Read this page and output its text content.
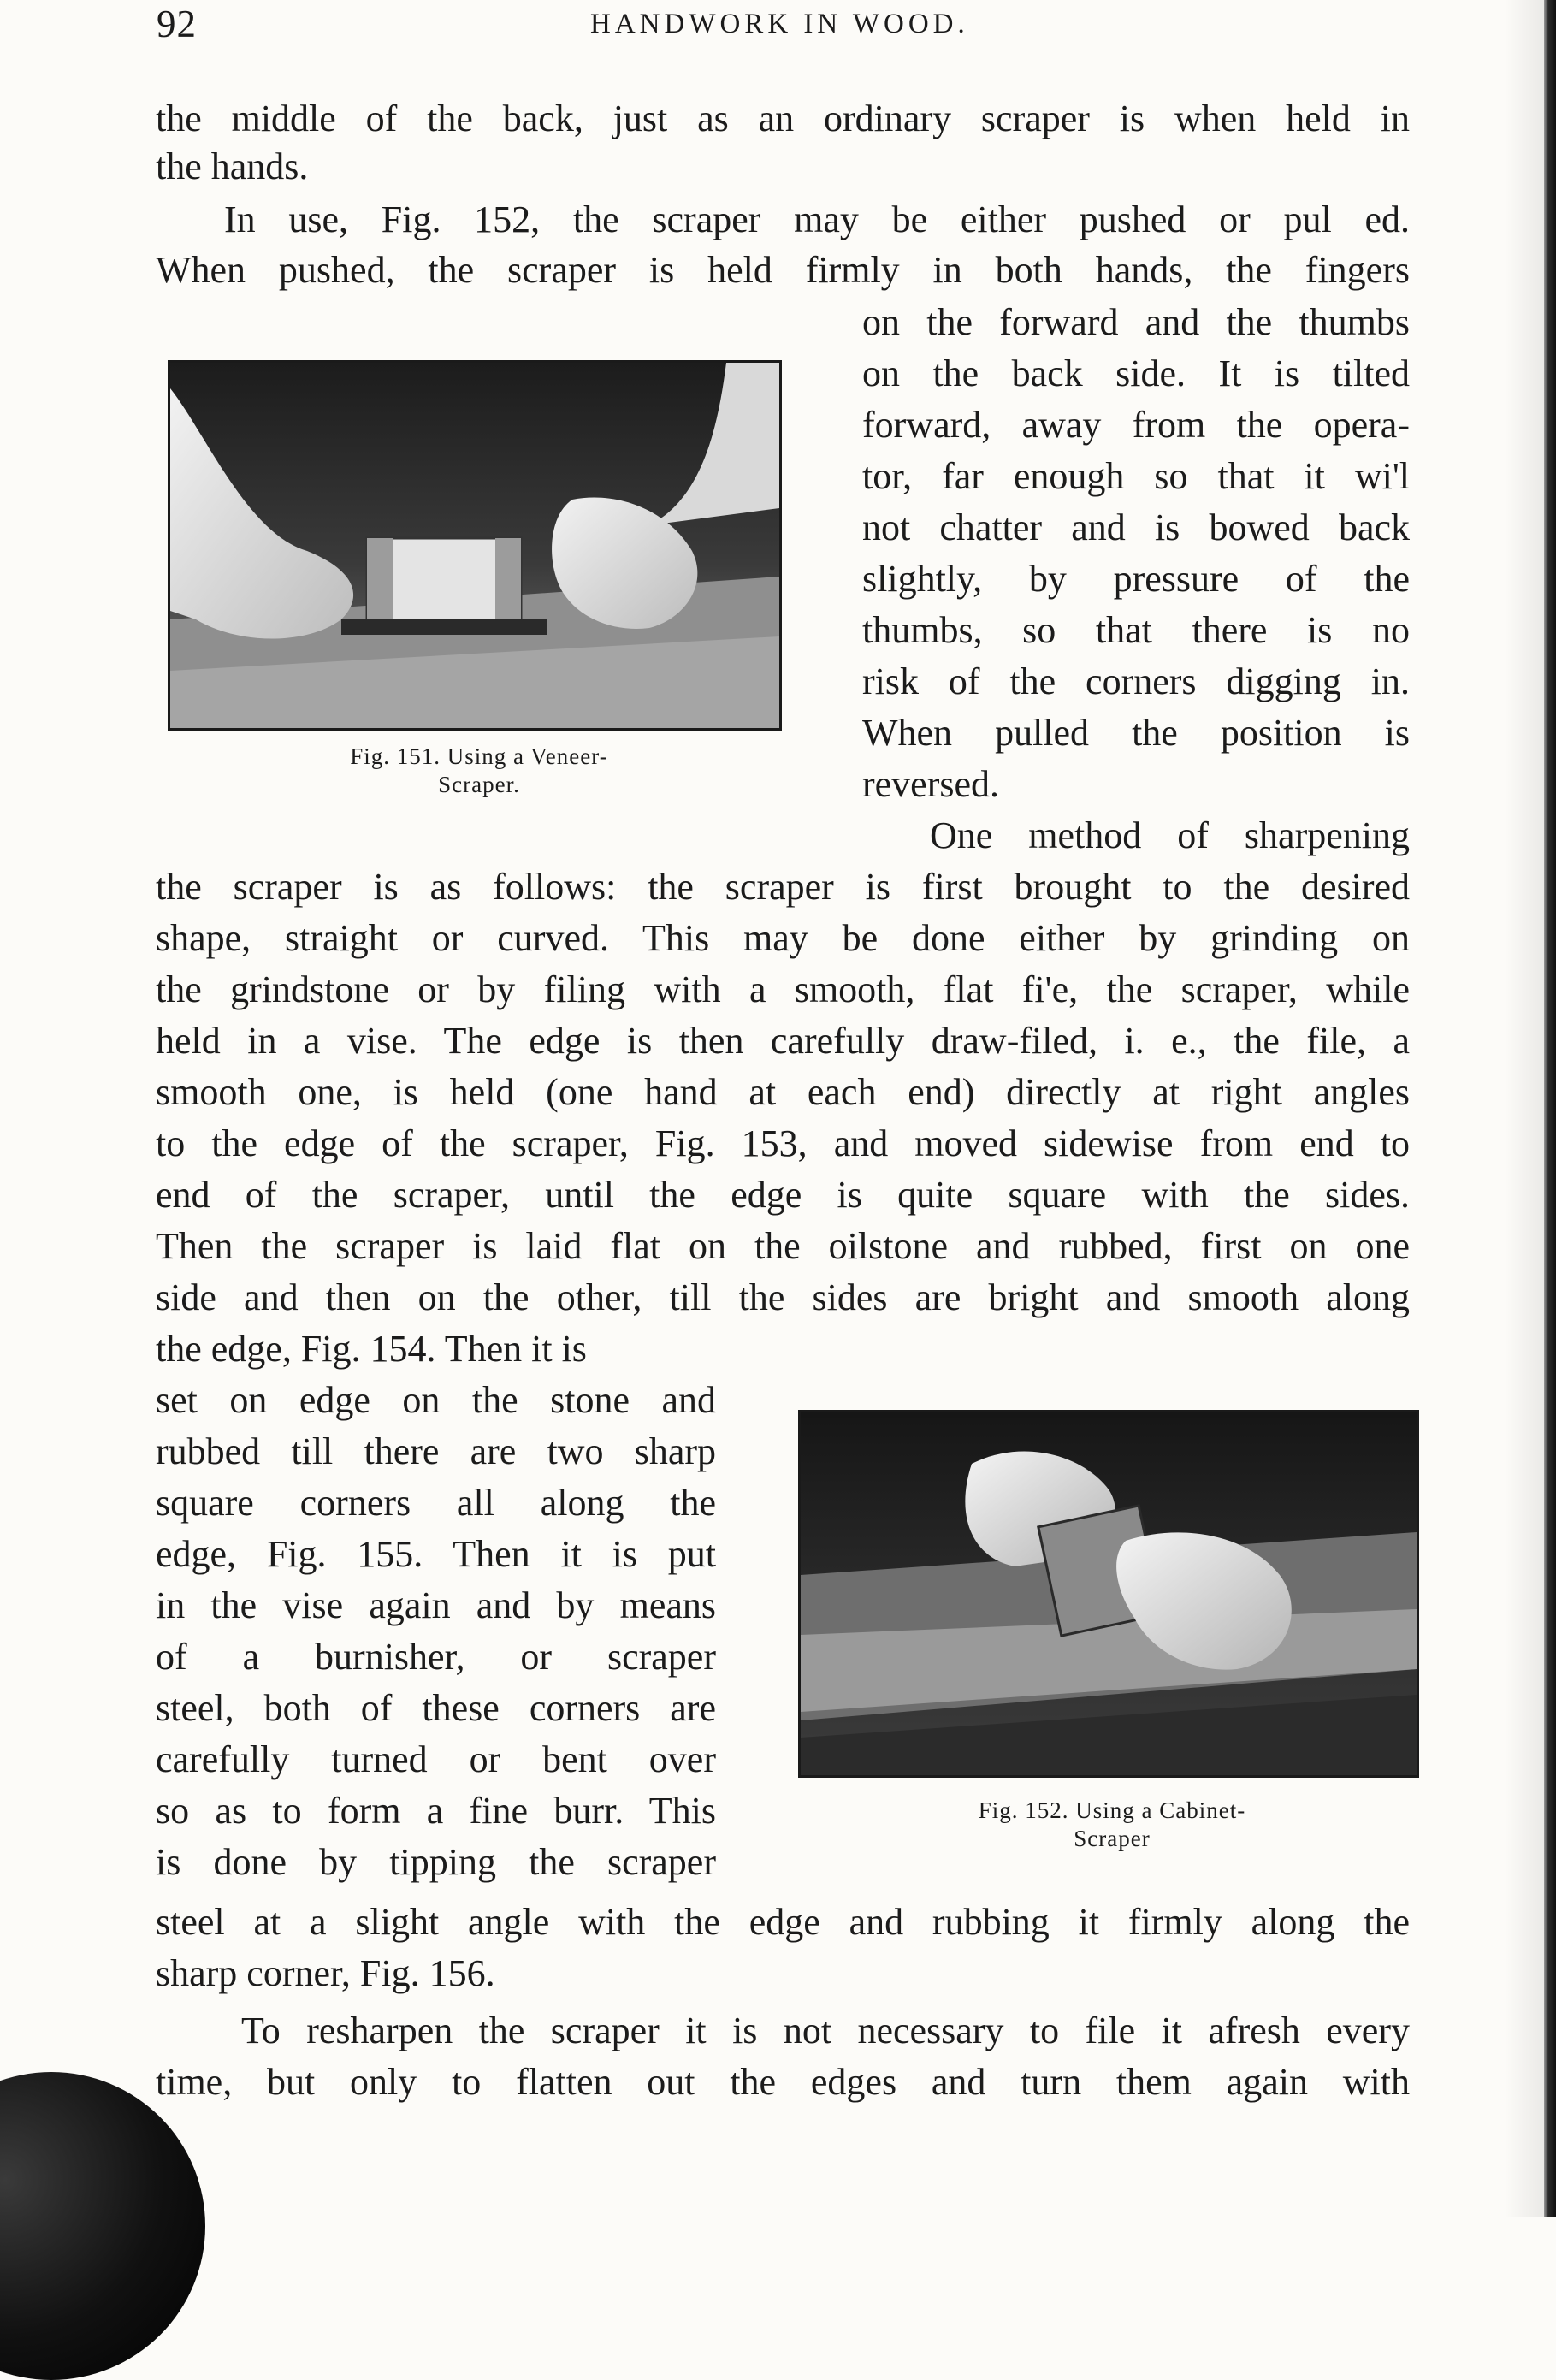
92	HANDWORK IN WOOD.
the middle of the back, just as an ordinary scraper is when held in
the hands.
In use, Fig. 152, the scraper may be either pushed or pul ed.
When pushed, the scraper is held firmly in both hands, the fingers
on the forward and the thumbs
on the back side. It is tilted
forward, away from the opera-
tor, far enough so that it wi'l
not chatter and is bowed back
slightly, by pressure of the
thumbs, so that there is no
risk of the corners digging in.
When pulled the position is
reversed.
One method of sharpening
the scraper is as follows: the scraper is first brought to the desired
shape, straight or curved. This may be done either by grinding on
the grindstone or by filing with a smooth, flat fi'e, the scraper, while
held in a vise. The edge is then carefully draw-filed, i. e., the file, a
smooth one, is held (one hand at each end) directly at right angles
to the edge of the scraper, Fig. 153, and moved sidewise from end to
end of the scraper, until the edge is quite square with the sides.
Then the scraper is laid flat on the oilstone and rubbed, first on one
side and then on the other, till the sides are bright and smooth along
the edge, Fig. 154. Then it is
set on edge on the stone and
rubbed till there are two sharp
square corners all along the
edge, Fig. 155. Then it is put
in the vise again and by means
of a burnisher, or scraper
steel, both of these corners are
carefully turned or bent over
so as to form a fine burr. This
is done by tipping the scraper
steel at a slight angle with the edge and rubbing it firmly along the
sharp corner, Fig. 156.
To resharpen the scraper it is not necessary to file it afresh every
time, but only to flatten out the edges and turn them again with
Fig. 151. Using a Veneer-
Scraper.
Fig. 152. Using a Cabinet-
Scraper
